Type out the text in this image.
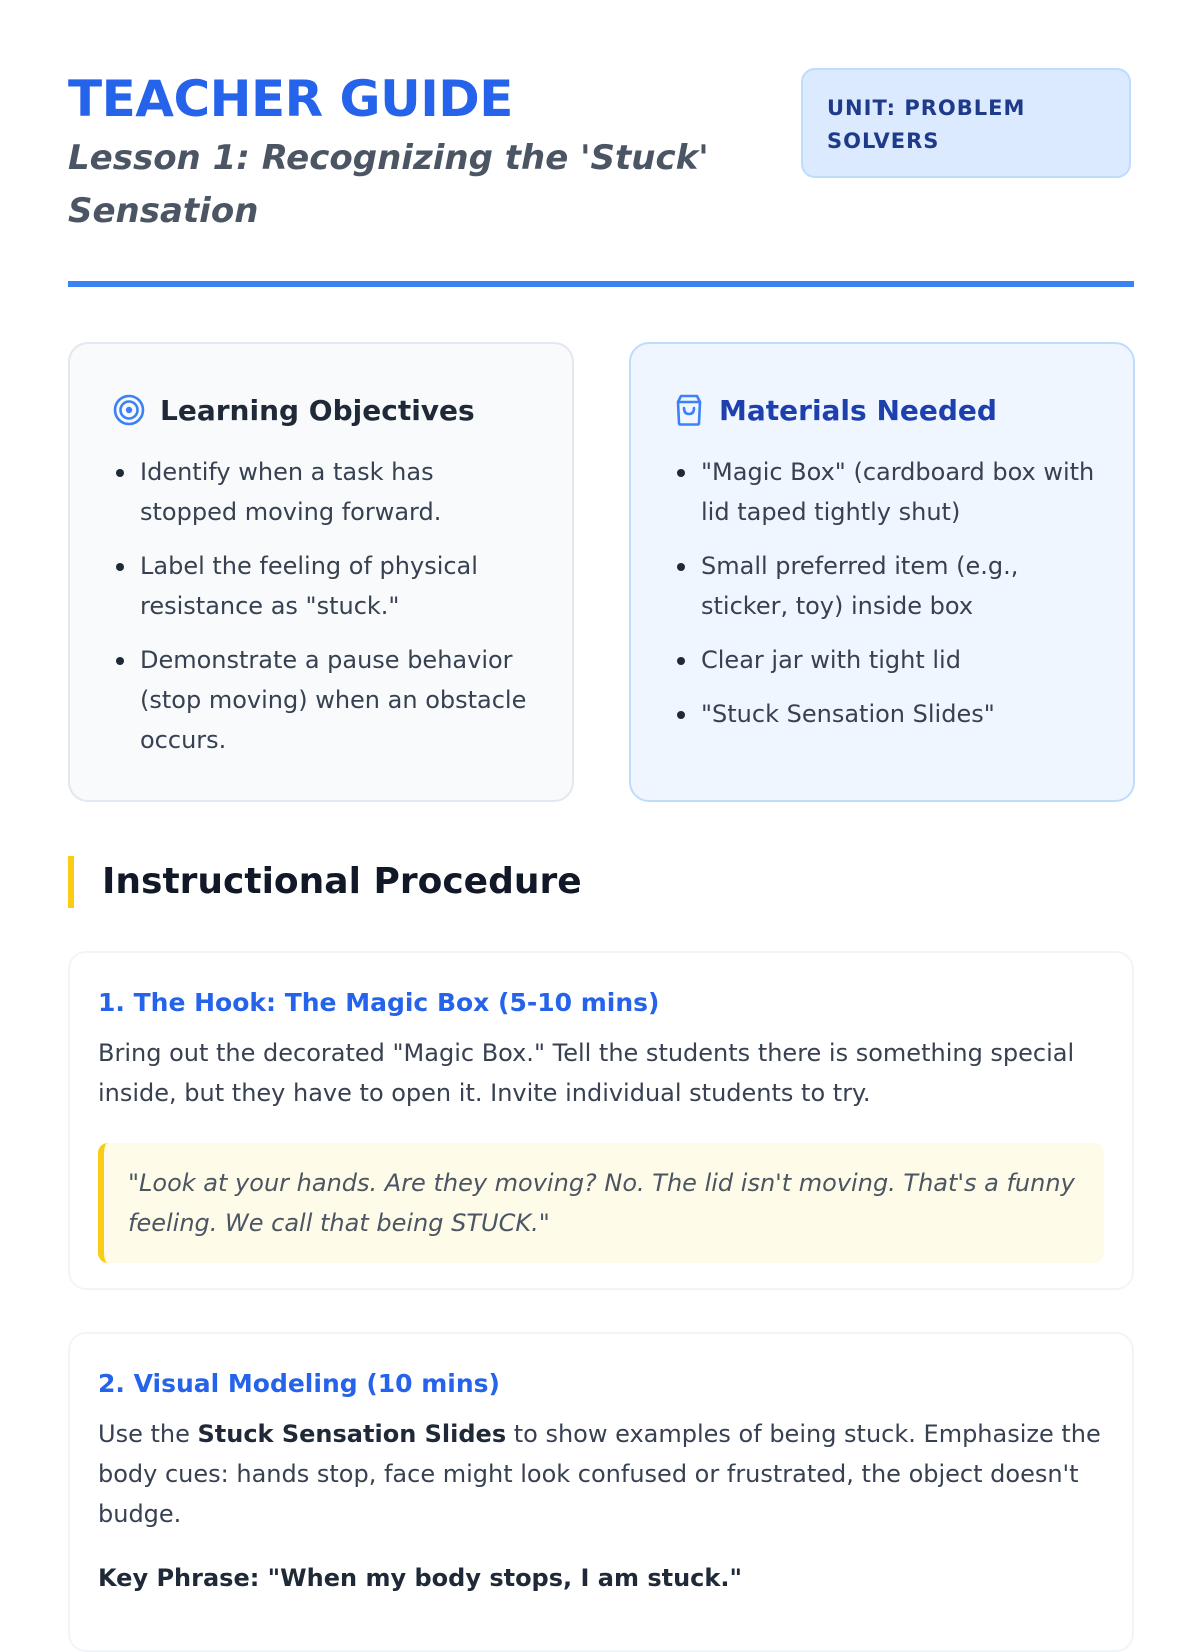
TEACHER GUIDE
Lesson 1: Recognizing the 'Stuck' Sensation
UNIT: PROBLEM SOLVERS
Learning Objectives
Identify when a task has stopped moving forward.
Label the feeling of physical resistance as "stuck."
Demonstrate a pause behavior (stop moving) when an obstacle occurs.
Materials Needed
"Magic Box" (cardboard box with lid taped tightly shut)
Small preferred item (e.g., sticker, toy) inside box
Clear jar with tight lid
"Stuck Sensation Slides"
Instructional Procedure
1. The Hook: The Magic Box (5-10 mins)

Bring out the decorated "Magic Box." Tell the students there is something special inside, but they have to open it. Invite individual students to try.

"Look at your hands. Are they moving? No. The lid isn't moving. That's a funny feeling. We call that being STUCK."
2. Visual Modeling (10 mins)

Use the Stuck Sensation Slides to show examples of being stuck. Emphasize the body cues: hands stop, face might look confused or frustrated, the object doesn't budge.

Key Phrase: "When my body stops, I am stuck."
